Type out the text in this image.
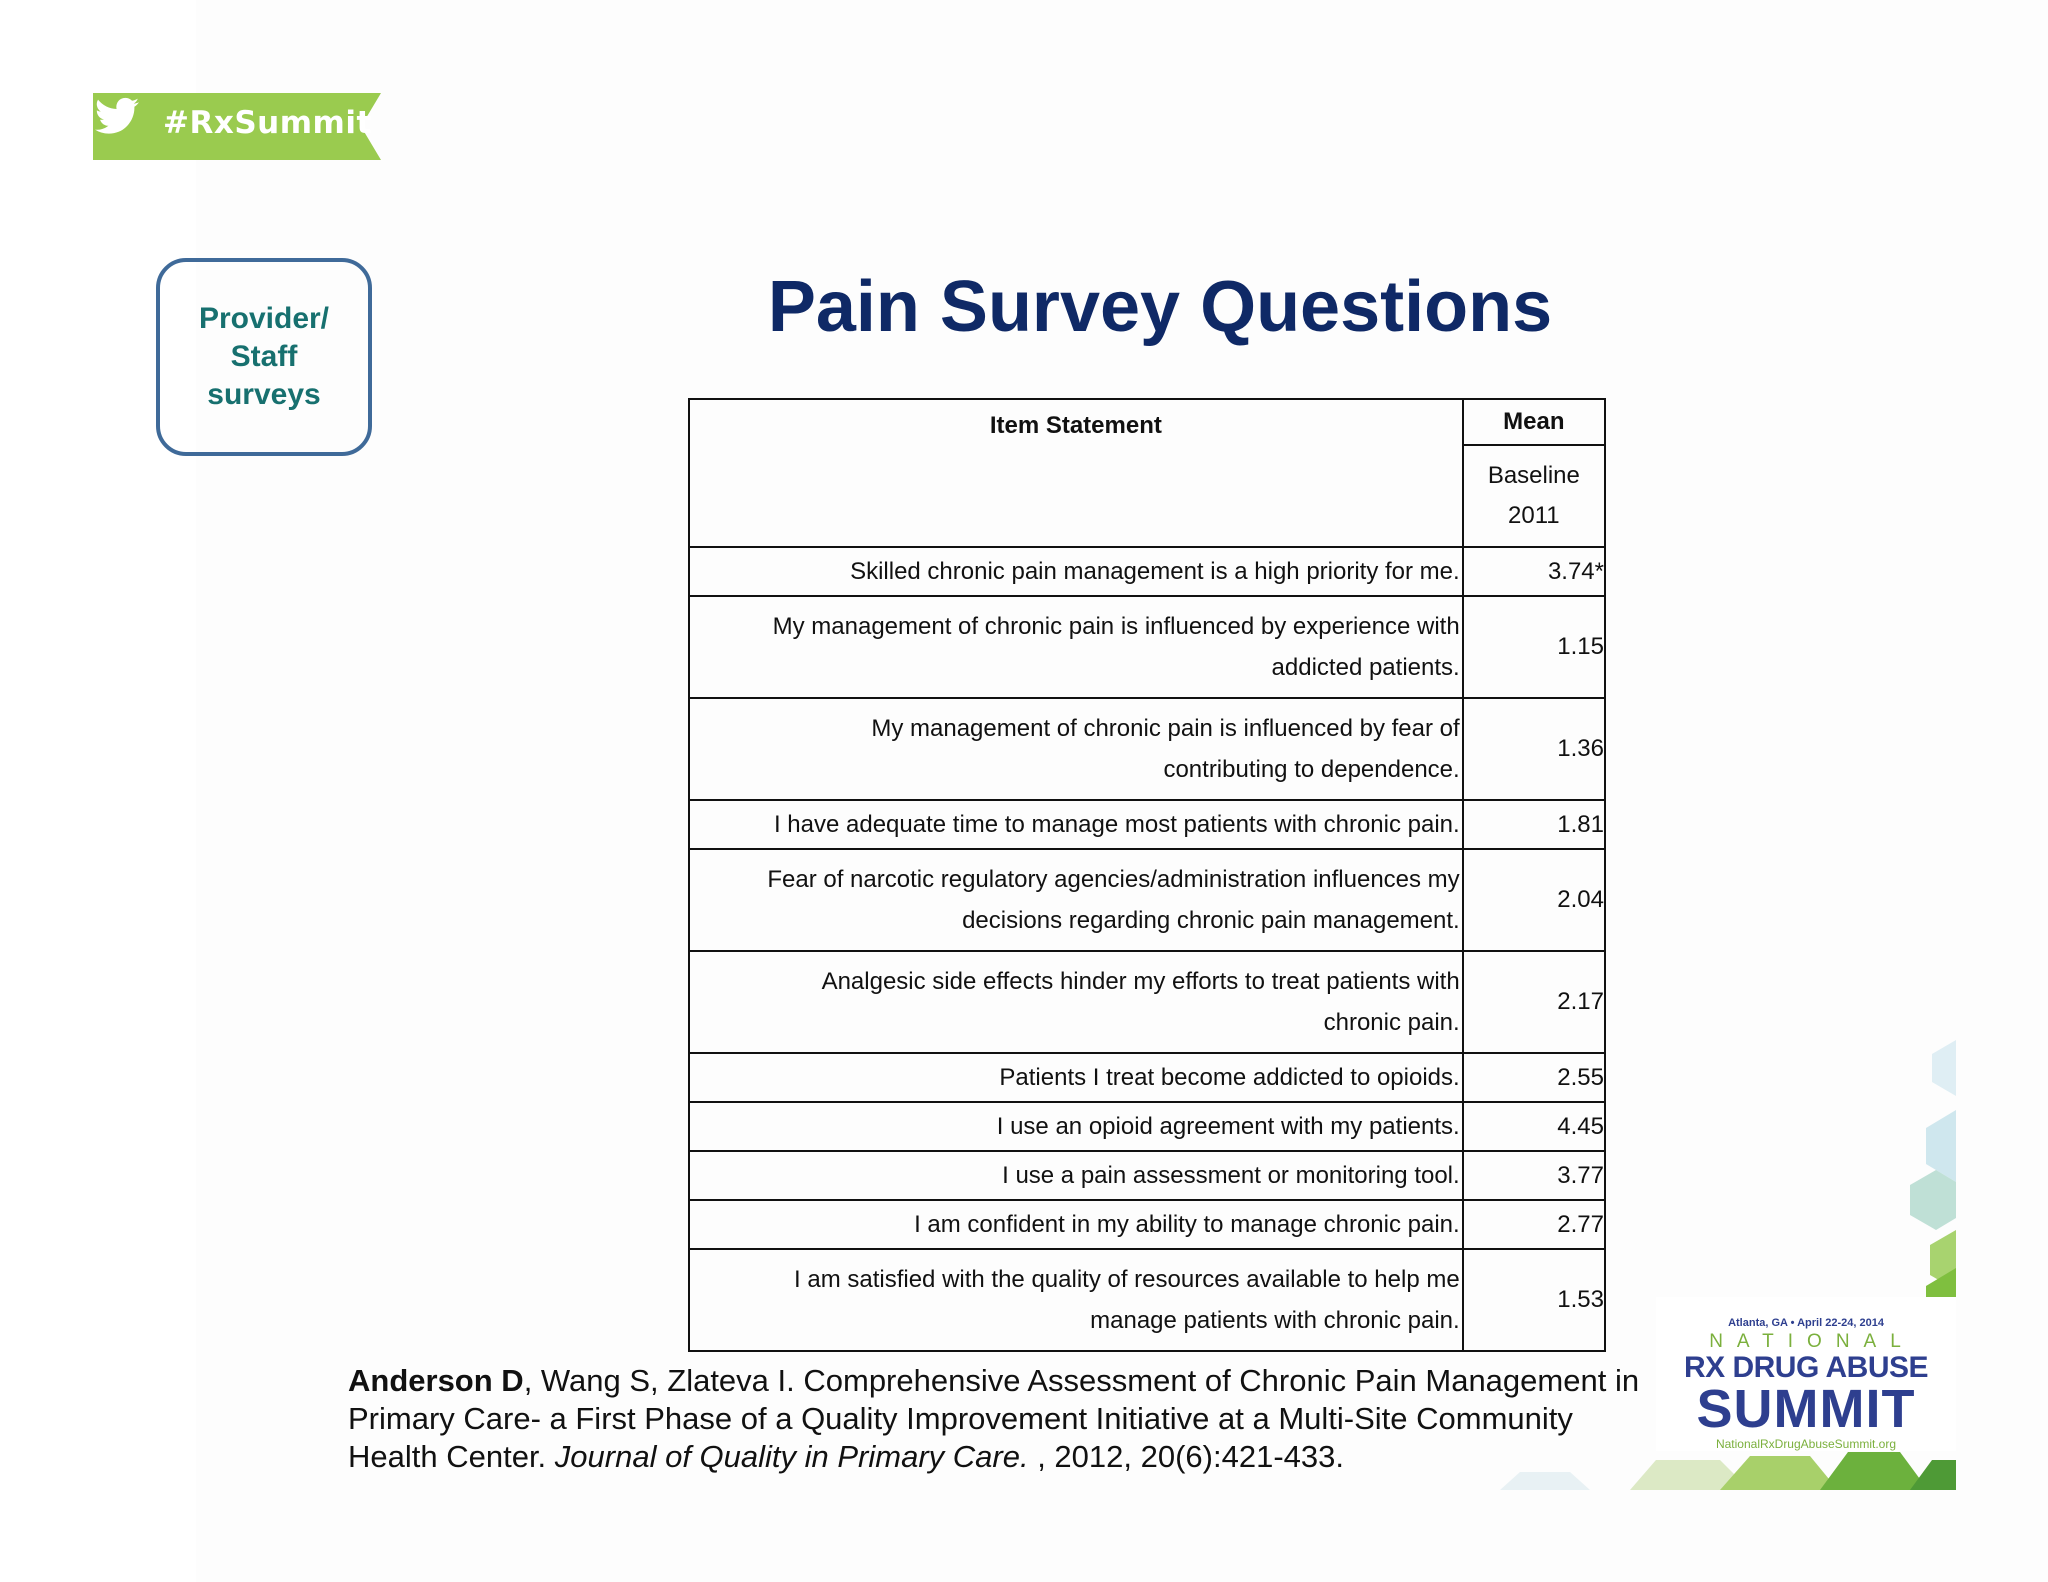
#RxSummit
Provider/
Staff
surveys
Pain Survey Questions
Item Statement	Mean
	Baseline
2011
Skilled chronic pain management is a high priority for me.	3.74*
My management of chronic pain is influenced by experience with
addicted patients.	1.15
My management of chronic pain is influenced by fear of
contributing to dependence.	1.36
I have adequate time to manage most patients with chronic pain.	1.81
Fear of narcotic regulatory agencies/administration influences my
decisions regarding chronic pain management.	2.04
Analgesic side effects hinder my efforts to treat patients with
chronic pain.	2.17
Patients I treat become addicted to opioids.	2.55
I use an opioid agreement with my patients.	4.45
I use a pain assessment or monitoring tool.	3.77
I am confident in my ability to manage chronic pain.	2.77
I am satisfied with the quality of resources available to help me
manage patients with chronic pain.	1.53
Atlanta, GA • April 22-24, 2014
NATIONAL
RX DRUG ABUSE
SUMMIT
NationalRxDrugAbuseSummit.org
Anderson D, Wang S, Zlateva I. Comprehensive Assessment of Chronic Pain Management in Primary Care- a First Phase of a Quality Improvement Initiative at a Multi-Site Community Health Center. Journal of Quality in Primary Care. , 2012, 20(6):421-433.
